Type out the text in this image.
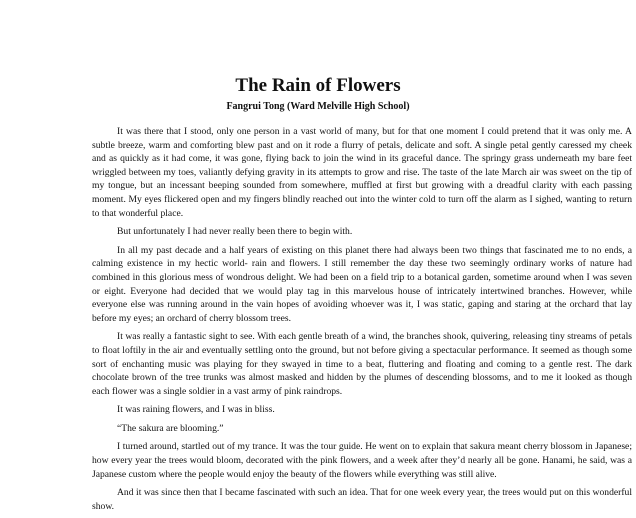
The Rain of Flowers
Fangrui Tong (Ward Melville High School)

It was there that I stood, only one person in a vast world of many, but for that one moment I could pretend that it was only me. A subtle breeze, warm and comforting blew past and on it rode a flurry of petals, delicate and soft. A single petal gently caressed my cheek and as quickly as it had come, it was gone, flying back to join the wind in its graceful dance. The springy grass underneath my bare feet wriggled between my toes, valiantly defying gravity in its attempts to grow and rise. The taste of the late March air was sweet on the tip of my tongue, but an incessant beeping sounded from somewhere, muffled at first but growing with a dreadful clarity with each passing moment. My eyes flickered open and my fingers blindly reached out into the winter cold to turn off the alarm as I sighed, wanting to return to that wonderful place.

But unfortunately I had never really been there to begin with.

In all my past decade and a half years of existing on this planet there had always been two things that fascinated me to no ends, a calming existence in my hectic world- rain and flowers. I still remember the day these two seemingly ordinary works of nature had combined in this glorious mess of wondrous delight. We had been on a field trip to a botanical garden, sometime around when I was seven or eight. Everyone had decided that we would play tag in this marvelous house of intricately intertwined branches. However, while everyone else was running around in the vain hopes of avoiding whoever was it, I was static, gaping and staring at the orchard that lay before my eyes; an orchard of cherry blossom trees.

It was really a fantastic sight to see. With each gentle breath of a wind, the branches shook, quivering, releasing tiny streams of petals to float loftily in the air and eventually settling onto the ground, but not before giving a spectacular performance. It seemed as though some sort of enchanting music was playing for they swayed in time to a beat, fluttering and floating and coming to a gentle rest. The dark chocolate brown of the tree trunks was almost masked and hidden by the plumes of descending blossoms, and to me it looked as though each flower was a single soldier in a vast army of pink raindrops.

It was raining flowers, and I was in bliss.

“The sakura are blooming.”

I turned around, startled out of my trance. It was the tour guide. He went on to explain that sakura meant cherry blossom in Japanese; how every year the trees would bloom, decorated with the pink flowers, and a week after they’d nearly all be gone. Hanami, he said, was a Japanese custom where the people would enjoy the beauty of the flowers while everything was still alive.

And it was since then that I became fascinated with such an idea. That for one week every year, the trees would put on this wonderful show.
